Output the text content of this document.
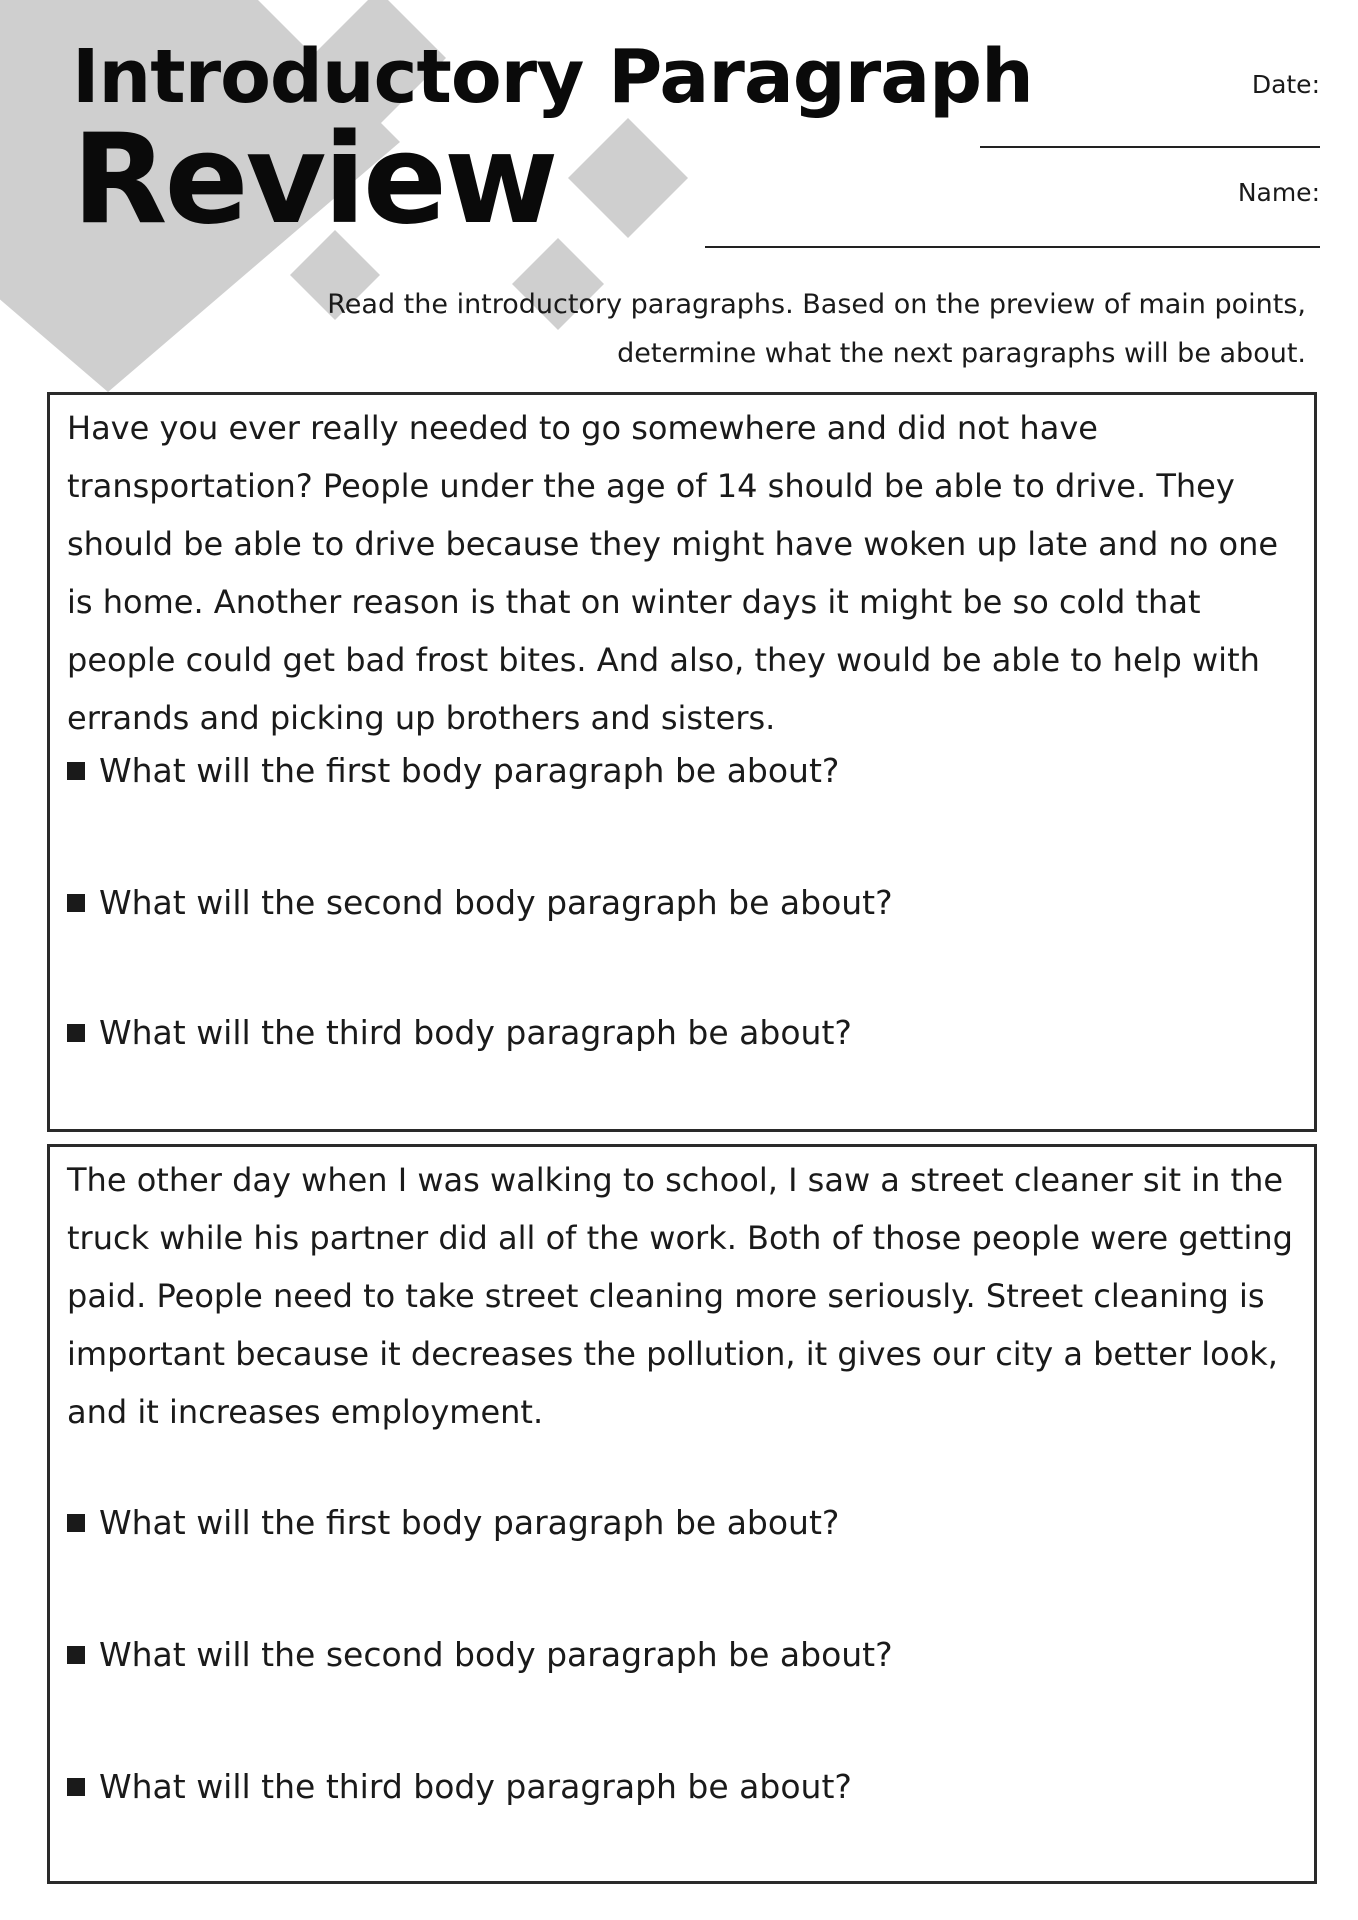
Introductory Paragraph
Review
Date:
Name:
Read the introductory paragraphs. Based on the preview of main points,
determine what the next paragraphs will be about.

Have you ever really needed to go somewhere and did not have transportation? People under the age of 14 should be able to drive. They should be able to drive because they might have woken up late and no one is home. Another reason is that on winter days it might be so cold that people could get bad frost bites. And also, they would be able to help with errands and picking up brothers and sisters.

What will the first body paragraph be about?
What will the second body paragraph be about?
What will the third body paragraph be about?

The other day when I was walking to school, I saw a street cleaner sit in the truck while his partner did all of the work. Both of those people were getting paid. People need to take street cleaning more seriously. Street cleaning is important because it decreases the pollution, it gives our city a better look, and it increases employment.

What will the first body paragraph be about?
What will the second body paragraph be about?
What will the third body paragraph be about?
